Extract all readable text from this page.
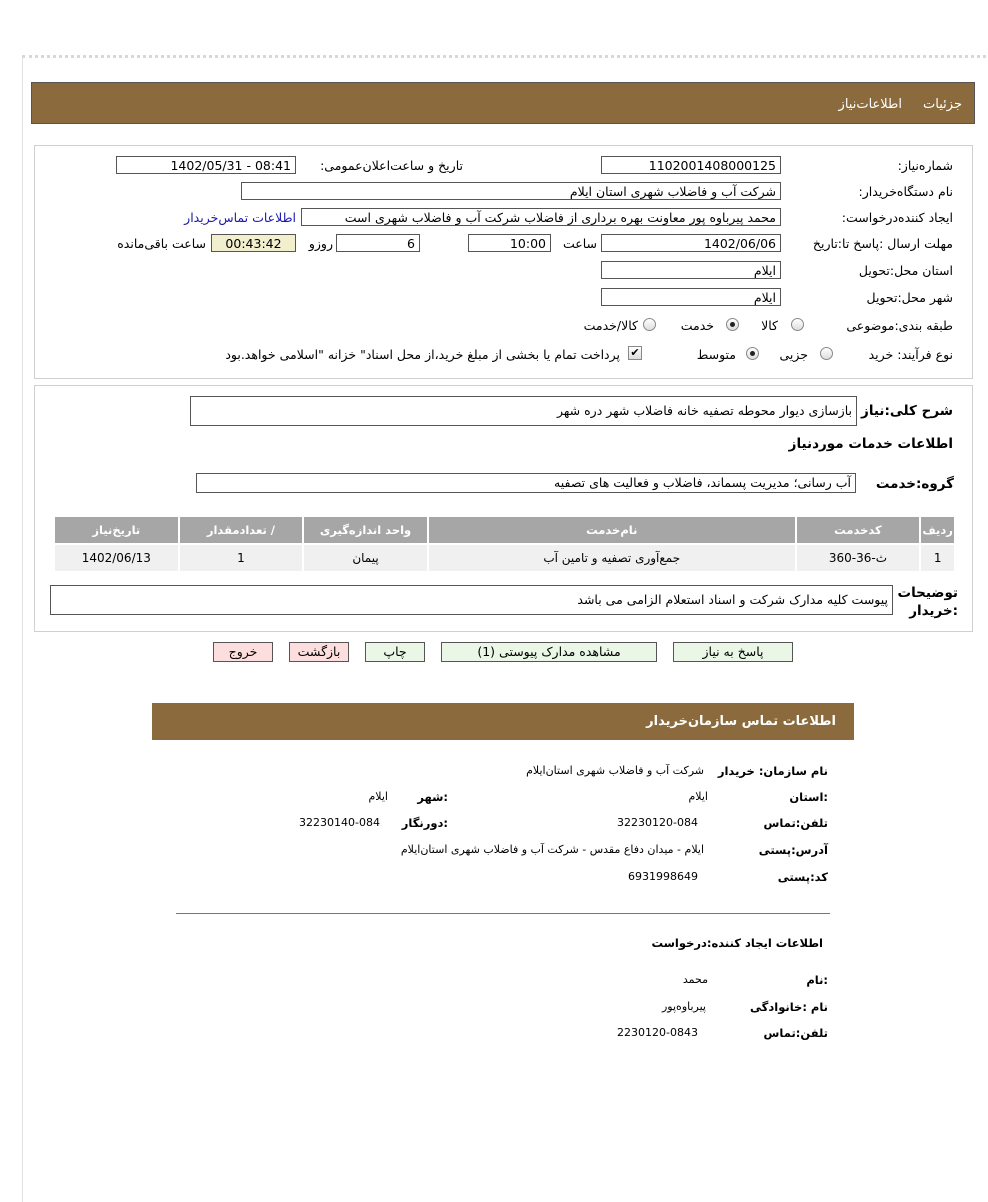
جزئیات
اطلاعات‌نیاز
شماره‌نیاز:
1102001408000125
تاریخ و ساعت‌اعلان‌عمومی:
1402/05/31 - 08:41
نام دستگاه‌خریدار:
شرکت آب و فاضلاب شهری استان ایلام
ایجاد کننده‌درخواست:
محمد پیرباوه پور معاونت بهره برداری از فاضلاب شرکت آب و فاضلاب شهری است
اطلاعات تماس‌خریدار
مهلت ارسال :پاسخ تا:تاریخ
1402/06/06
ساعت
10:00
روزو	6
00:43:42
ساعت باقی‌مانده
استان محل:تحویل
ایلام
شهر محل:تحویل
ایلام
طبقه بندی:موضوعی
کالا
خدمت
کالا/خدمت
نوع فرآیند: خرید
جزیی
متوسط
✔
پرداخت تمام یا بخشی از مبلغ خرید،از محل اسناد" خزانه "اسلامی خواهد.بود
شرح کلی:نیاز
بازسازی دیوار محوطه تصفیه خانه فاضلاب شهر دره شهر
اطلاعات خدمات موردنیاز
گروه:خدمت
آب رسانی؛ مدیریت پسماند، فاضلاب و فعالیت های تصفیه
تاریخ‌نیاز	/ تعدادمقدار	واحد اندازه‌گیری	نام‌خدمت	کدخدمت	ردیف
1402/06/13	1	پیمان	جمع‌آوری تصفیه و تامین آب	ث-36-360	1
توضیحات
:خریدار
پیوست کلیه مدارک شرکت و اسناد استعلام الزامی می باشد
پاسخ به نیاز
مشاهده مدارک پیوستی (1)
چاپ
بازگشت
خروج
اطلاعات تماس سازمان‌خریدار
نام سازمان: خریدار
شرکت آب و فاضلاب شهری استان‌ایلام
:استان
ایلام
:شهر
ایلام
تلفن:تماس
32230120-084
:دورنگار
32230140-084
آدرس:پستی
ایلام - میدان دفاع مقدس - شرکت آب و فاضلاب شهری استان‌ایلام
کد:پستی
6931998649
اطلاعات ایجاد کننده:درخواست
:نام
محمد
نام :خانوادگی
پیرباوه‌پور
تلفن:تماس
2230120-0843
